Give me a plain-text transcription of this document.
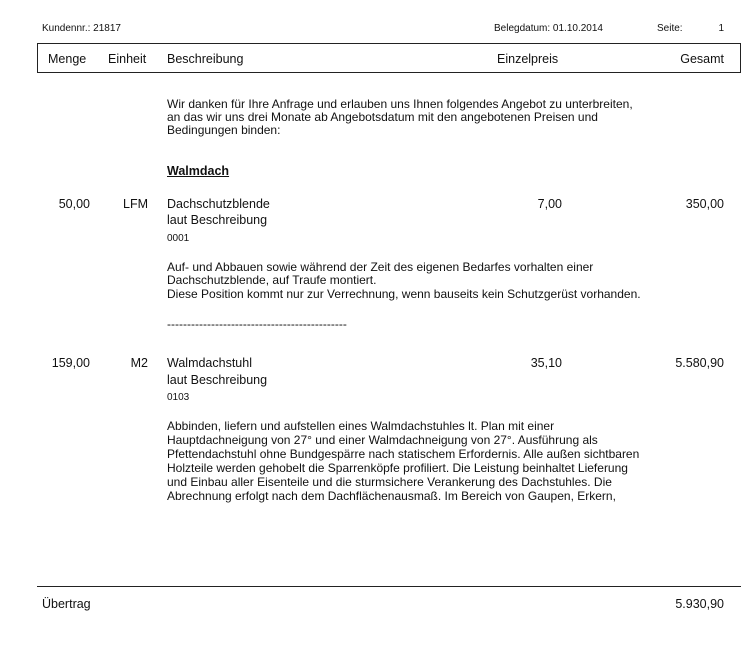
Kundennr.: 21817	Belegdatum: 01.10.2014	Seite:	1
Menge Einheit Beschreibung	Einzelpreis	Gesamt
Wir danken für Ihre Anfrage und erlauben uns Ihnen folgendes Angebot zu unterbreiten,
an das wir uns drei Monate ab Angebotsdatum mit den angebotenen Preisen und
Bedingungen binden:
Walmdach
50,00	LFM Dachschutzblende
laut Beschreibung
0001
7,00	350,00
Auf- und Abbauen sowie während der Zeit des eigenen Bedarfes vorhalten einer
Dachschutzblende, auf Traufe montiert.
Diese Position kommt nur zur Verrechnung, wenn bauseits kein Schutzgerüst vorhanden.
---------------------------------------------
159,00	M2 Walmdachstuhl
laut Beschreibung
0103
35,10	5.580,90
Abbinden, liefern und aufstellen eines Walmdachstuhles lt. Plan mit einer
Hauptdachneigung von 27° und einer Walmdachneigung von 27°. Ausführung als
Pfettendachstuhl ohne Bundgespärre nach statischem Erfordernis. Alle außen sichtbaren
Holzteile werden gehobelt die Sparrenköpfe profiliert. Die Leistung beinhaltet Lieferung
und Einbau aller Eisenteile und die sturmsichere Verankerung des Dachstuhles. Die
Abrechnung erfolgt nach dem Dachflächenausmaß. Im Bereich von Gaupen, Erkern,
Übertrag	5.930,90
